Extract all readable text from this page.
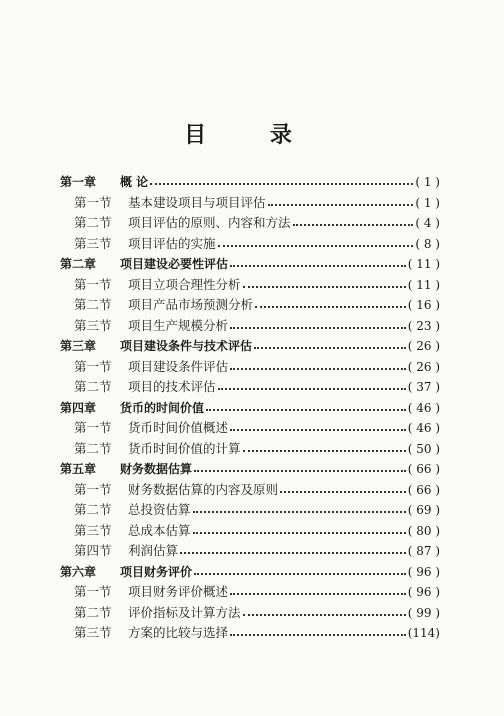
目 录
第一章	概 论	( 1 )
第一节	基本建设项目与项目评估	( 1 )
第二节	项目评估的原则、内容和方法	( 4 )
第三节	项目评估的实施	( 8 )
第二章	项目建设必要性评估	( 11 )
第一节	项目立项合理性分析	( 11 )
第二节	项目产品市场预测分析	( 16 )
第三节	项目生产规模分析	( 23 )
第三章	项目建设条件与技术评估	( 26 )
第一节	项目建设条件评估	( 26 )
第二节	项目的技术评估	( 37 )
第四章	货币的时间价值	( 46 )
第一节	货币时间价值概述	( 46 )
第二节	货币时间价值的计算	( 50 )
第五章	财务数据估算	( 66 )
第一节	财务数据估算的内容及原则	( 66 )
第二节	总投资估算	( 69 )
第三节	总成本估算	( 80 )
第四节	利润估算	( 87 )
第六章	项目财务评价	( 96 )
第一节	项目财务评价概述	( 96 )
第二节	评价指标及计算方法	( 99 )
第三节	方案的比较与选择	(114)
